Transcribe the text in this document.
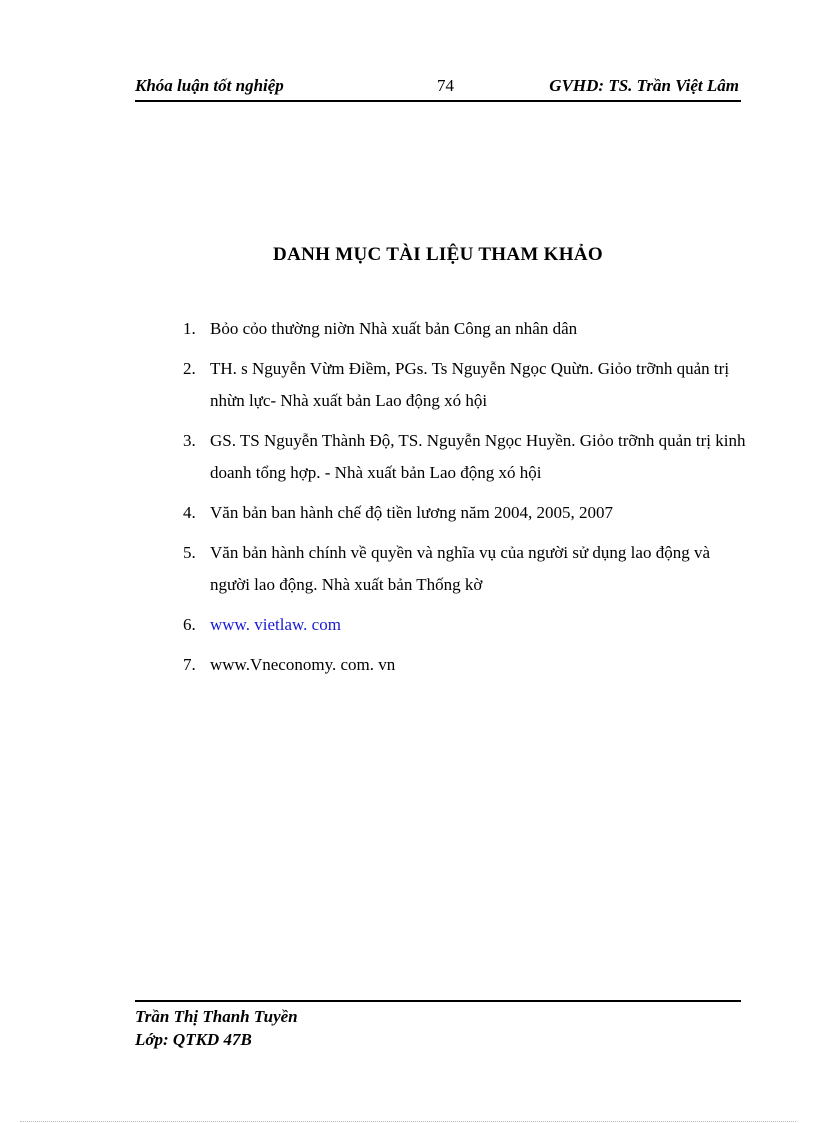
Khóa luận tốt nghiệp	74	GVHD: TS. Trần Việt Lâm
DANH MỤC TÀI LIỆU THAM KHẢO
1. Bỏo cỏo thường niờn Nhà xuất bản Công an nhân dân
2. TH. s Nguyễn Vừm Điềm, PGs. Ts Nguyễn Ngọc Quừn. Giỏo trỡnh quản trị nhừn lực- Nhà xuất bản Lao động xó hội
3. GS. TS Nguyễn Thành Độ, TS. Nguyễn Ngọc Huyền. Giỏo trỡnh quản trị kinh doanh tổng hợp. - Nhà xuất bản Lao động xó hội
4. Văn bản ban hành chế độ tiền lương năm 2004, 2005, 2007
5. Văn bản hành chính về quyền và nghĩa vụ của người sử dụng lao động và người lao động. Nhà xuất bản Thống kờ
6. www. vietlaw. com
7. www.Vneconomy. com. vn
Trần Thị Thanh Tuyền
Lớp: QTKD 47B
